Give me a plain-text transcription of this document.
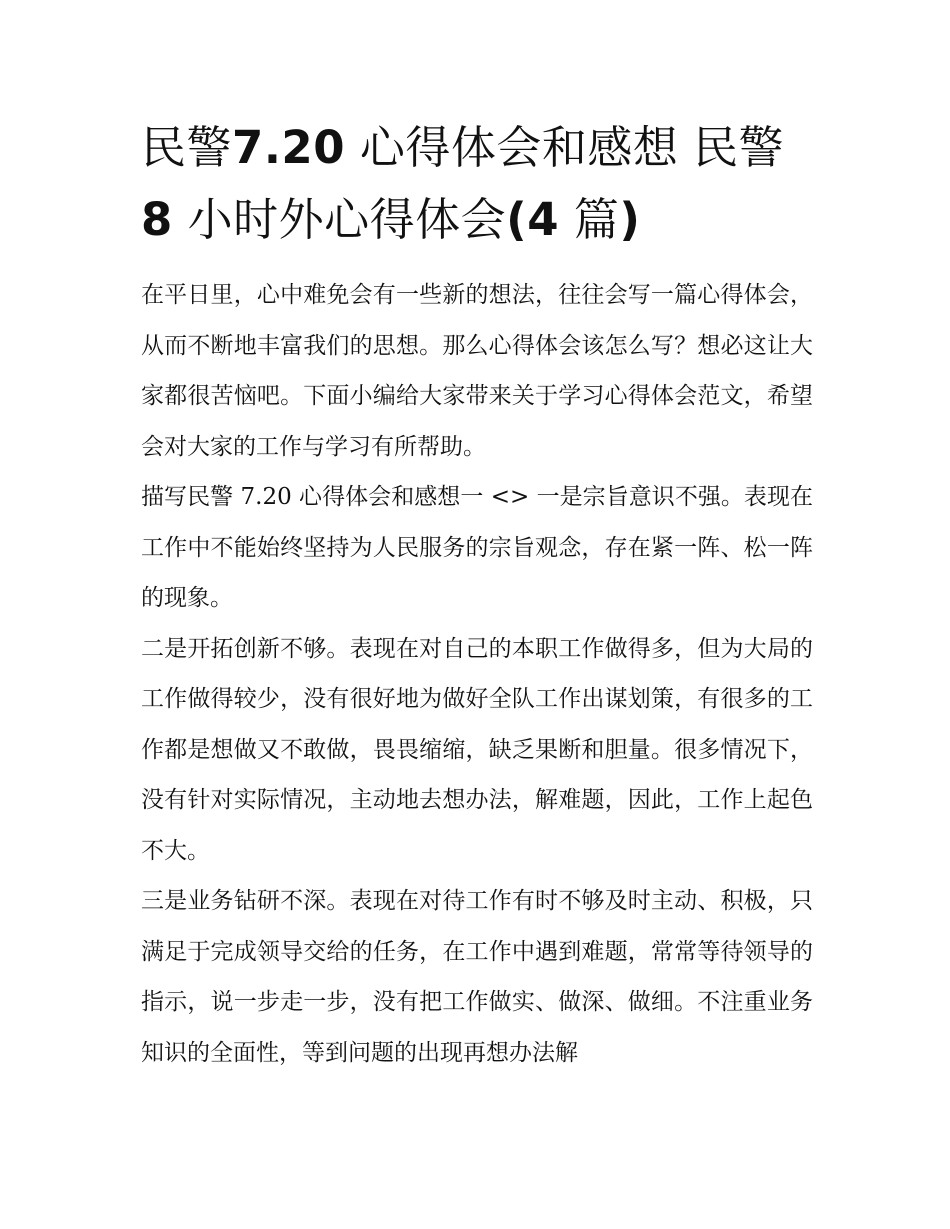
民警7.20 心得体会和感想 民警 8 小时外心得体会(4 篇)

在平日里，心中难免会有一些新的想法，往往会写一篇心得体会，从而不断地丰富我们的思想。那么心得体会该怎么写？想必这让大家都很苦恼吧。下面小编给大家带来关于学习心得体会范文，希望会对大家的工作与学习有所帮助。

描写民警 7.20 心得体会和感想一 <> 一是宗旨意识不强。表现在工作中不能始终坚持为人民服务的宗旨观念，存在紧一阵、松一阵的现象。

二是开拓创新不够。表现在对自己的本职工作做得多，但为大局的工作做得较少，没有很好地为做好全队工作出谋划策，有很多的工作都是想做又不敢做，畏畏缩缩，缺乏果断和胆量。很多情况下，没有针对实际情况，主动地去想办法，解难题，因此，工作上起色不大。

三是业务钻研不深。表现在对待工作有时不够及时主动、积极，只满足于完成领导交给的任务，在工作中遇到难题，常常等待领导的指示，说一步走一步，没有把工作做实、做深、做细。不注重业务知识的全面性，等到问题的出现再想办法解
